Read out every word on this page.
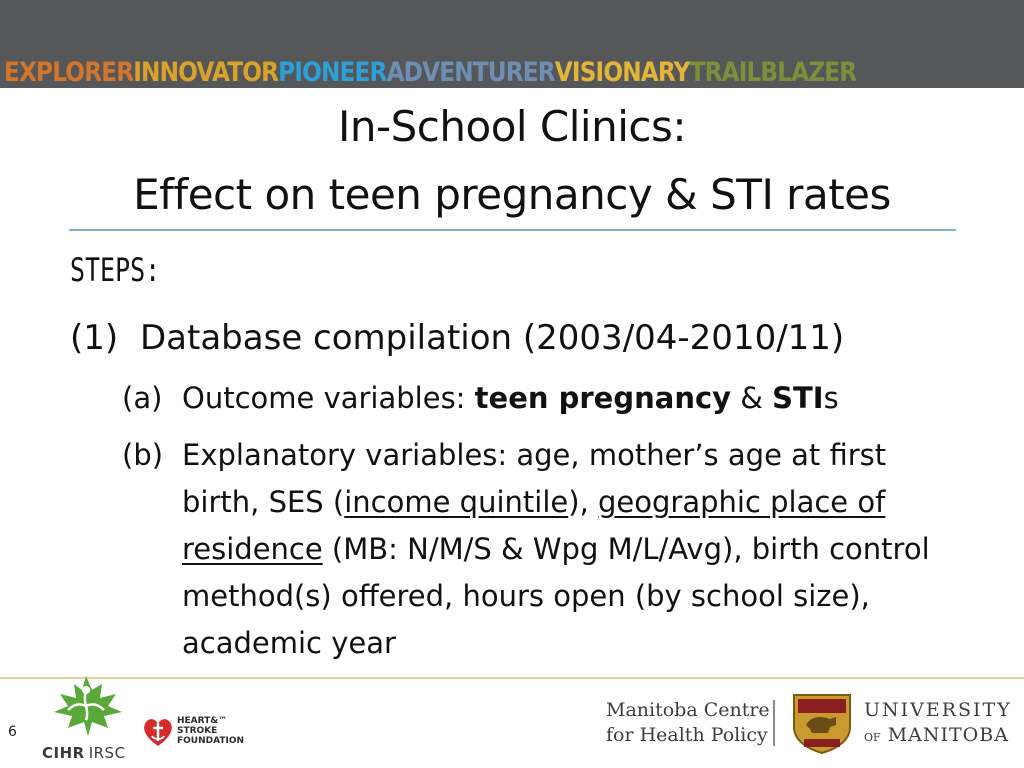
EXPLORER INNOVATOR PIONEER ADVENTURER VISIONARY TRAILBLAZER
In-School Clinics:
Effect on teen pregnancy & STI rates
STEPS:
(1) Database compilation (2003/04-2010/11)
(a) Outcome variables: teen pregnancy & STIs
(b) Explanatory variables: age, mother’s age at first birth, SES (income quintile), geographic place of residence (MB: N/M/S & Wpg M/L/Avg), birth control method(s) offered, hours open (by school size), academic year
CIHR IRSC
6
HEART&™
STROKE
FOUNDATION
Manitoba Centre
for Health Policy
UNIVERSITY
OF MANITOBA
